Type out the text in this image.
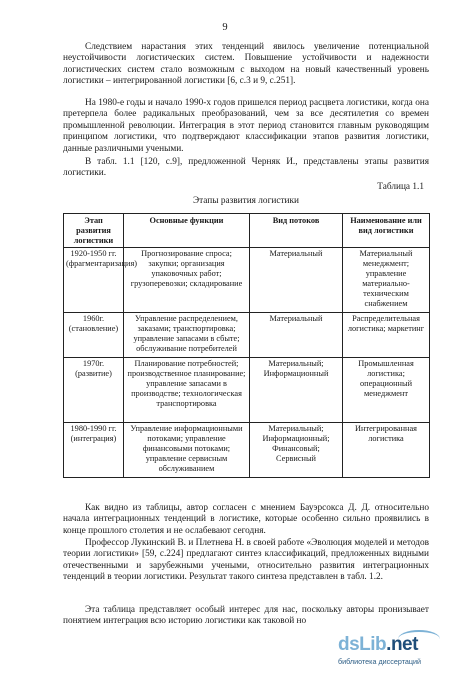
9

Следствием нарастания этих тенденций явилось увеличение потенциальной неустойчивости логистических систем. Повышение устойчивости и надежности логистических систем стало возможным с выходом на новый качественный уровень логистики – интегрированной логистики [6, с.3 и 9, с.251].

На 1980-е годы и начало 1990-х годов пришелся период расцвета логистики, когда она претерпела более радикальных преобразований, чем за все десятилетия со времен промышленной революции. Интеграция в этот период становится главным руководящим принципом логистики, что подтверждают классификации этапов развития логистики, данные различными учеными.

В табл. 1.1 [120, с.9], предложенной Черняк И., представлены этапы развития логистики.

Таблица 1.1
Этапы развития логистики
Этап развития логистики	Основные функции	Вид потоков	Наименование или вид логистики
1920-1950 гг. (фрагментаризация)	Прогнозирование спроса; закупки; организация упаковочных работ; грузоперевозки; складирование	Материальный	Материальный менеджмент; управление материально-техническим снабжением
1960г. (становление)	Управление распределением, заказами; транспортировка; управление запасами в сбыте; обслуживание потребителей	Материальный	Распределительная логистика; маркетинг
1970г. (развитие)	Планирование потребностей; производственное планирование; управление запасами в производстве; технологическая транспортировка	Материальный; Информационный	Промышленная логистика; операционный менеджмент
1980-1990 гг. (интеграция)	Управление информационными потоками; управление финансовыми потоками; управление сервисным обслуживанием	Материальный; Информационный; Финансовый; Сервисный	Интегрированная логистика

Как видно из таблицы, автор согласен с мнением Бауэрсокса Д. Д. относительно начала интеграционных тенденций в логистике, которые особенно сильно проявились в конце прошлого столетия и не ослабевают сегодня.

Профессор Лукинский В. и Плетнева Н. в своей работе «Эволюция моделей и методов теории логистики» [59, с.224] предлагают синтез классификаций, предложенных видными отечественными и зарубежными учеными, относительно развития интеграционных тенденций в теории логистики. Результат такого синтеза представлен в табл. 1.2.

Эта таблица представляет особый интерес для нас, поскольку авторы пронизывает понятием интеграция всю историю логистики как таковой но

dsLib.net
библиотека диссертаций
